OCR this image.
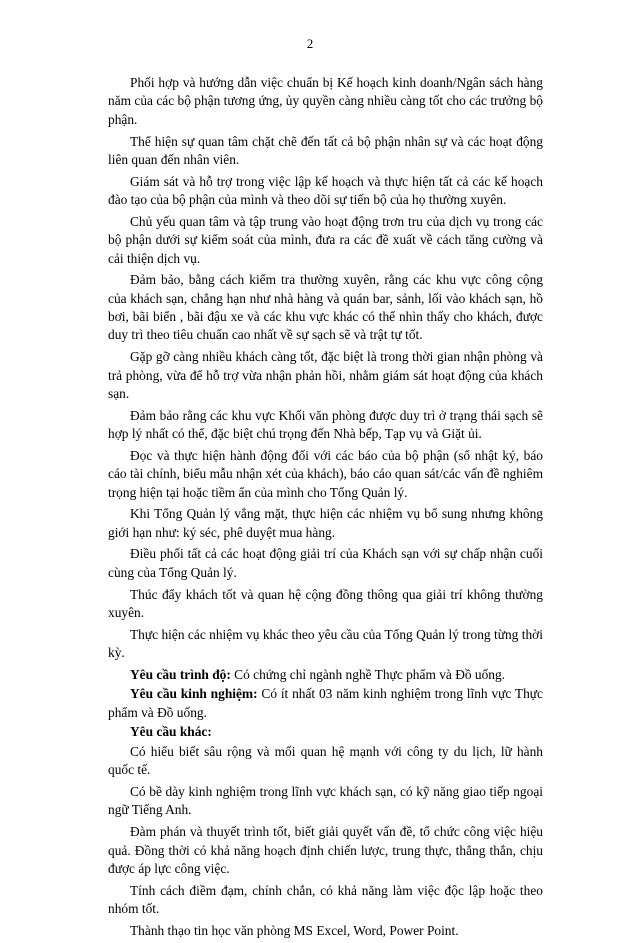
2

Phối hợp và hướng dẫn việc chuẩn bị Kế hoạch kinh doanh/Ngân sách hàng năm của các bộ phận tương ứng, ủy quyền càng nhiều càng tốt cho các trưởng bộ phận.

Thể hiện sự quan tâm chặt chẽ đến tất cả bộ phận nhân sự và các hoạt động liên quan đến nhân viên.

Giám sát và hỗ trợ trong việc lập kế hoạch và thực hiện tất cả các kế hoạch đào tạo của bộ phận của mình và theo dõi sự tiến bộ của họ thường xuyên.

Chủ yếu quan tâm và tập trung vào hoạt động trơn tru của dịch vụ trong các bộ phận dưới sự kiểm soát của mình, đưa ra các đề xuất về cách tăng cường và cải thiện dịch vụ.

Đảm bảo, bằng cách kiểm tra thường xuyên, rằng các khu vực công cộng của khách sạn, chẳng hạn như nhà hàng và quán bar, sảnh, lối vào khách sạn, hồ bơi, bãi biển , bãi đậu xe và các khu vực khác có thể nhìn thấy cho khách, được duy trì theo tiêu chuẩn cao nhất về sự sạch sẽ và trật tự tốt.

Gặp gỡ càng nhiều khách càng tốt, đặc biệt là trong thời gian nhận phòng và trả phòng, vừa để hỗ trợ vừa nhận phản hồi, nhằm giám sát hoạt động của khách sạn.

Đảm bảo rằng các khu vực Khối văn phòng được duy trì ở trạng thái sạch sẽ hợp lý nhất có thể, đặc biệt chú trọng đến Nhà bếp, Tạp vụ và Giặt ủi.

Đọc và thực hiện hành động đối với các báo của bộ phận (sổ nhật ký, báo cáo tài chính, biểu mẫu nhận xét của khách), báo cáo quan sát/các vấn đề nghiêm trọng hiện tại hoặc tiềm ẩn của mình cho Tổng Quản lý.

Khi Tổng Quản lý vắng mặt, thực hiện các nhiệm vụ bổ sung nhưng không giới hạn như: ký séc, phê duyệt mua hàng.

Điều phối tất cả các hoạt động giải trí của Khách sạn với sự chấp nhận cuối cùng của Tổng Quản lý.

Thúc đẩy khách tốt và quan hệ cộng đồng thông qua giải trí không thường xuyên.

Thực hiện các nhiệm vụ khác theo yêu cầu của Tổng Quản lý trong từng thời kỳ.

Yêu cầu trình độ: Có chứng chỉ ngành nghề Thực phẩm và Đồ uống.

Yêu cầu kinh nghiệm: Có ít nhất 03 năm kinh nghiệm trong lĩnh vực Thực phẩm và Đồ uống.

Yêu cầu khác:

Có hiểu biết sâu rộng và mối quan hệ mạnh với công ty du lịch, lữ hành quốc tế.

Có bề dày kinh nghiệm trong lĩnh vực khách sạn, có kỹ năng giao tiếp ngoại ngữ Tiếng Anh.

Đàm phán và thuyết trình tốt, biết giải quyết vấn đề, tổ chức công việc hiệu quả. Đồng thời có khả năng hoạch định chiến lược, trung thực, thẳng thắn, chịu được áp lực công việc.

Tính cách điềm đạm, chính chắn, có khả năng làm việc độc lập hoặc theo nhóm tốt.

Thành thạo tin học văn phòng MS Excel, Word, Power Point.
